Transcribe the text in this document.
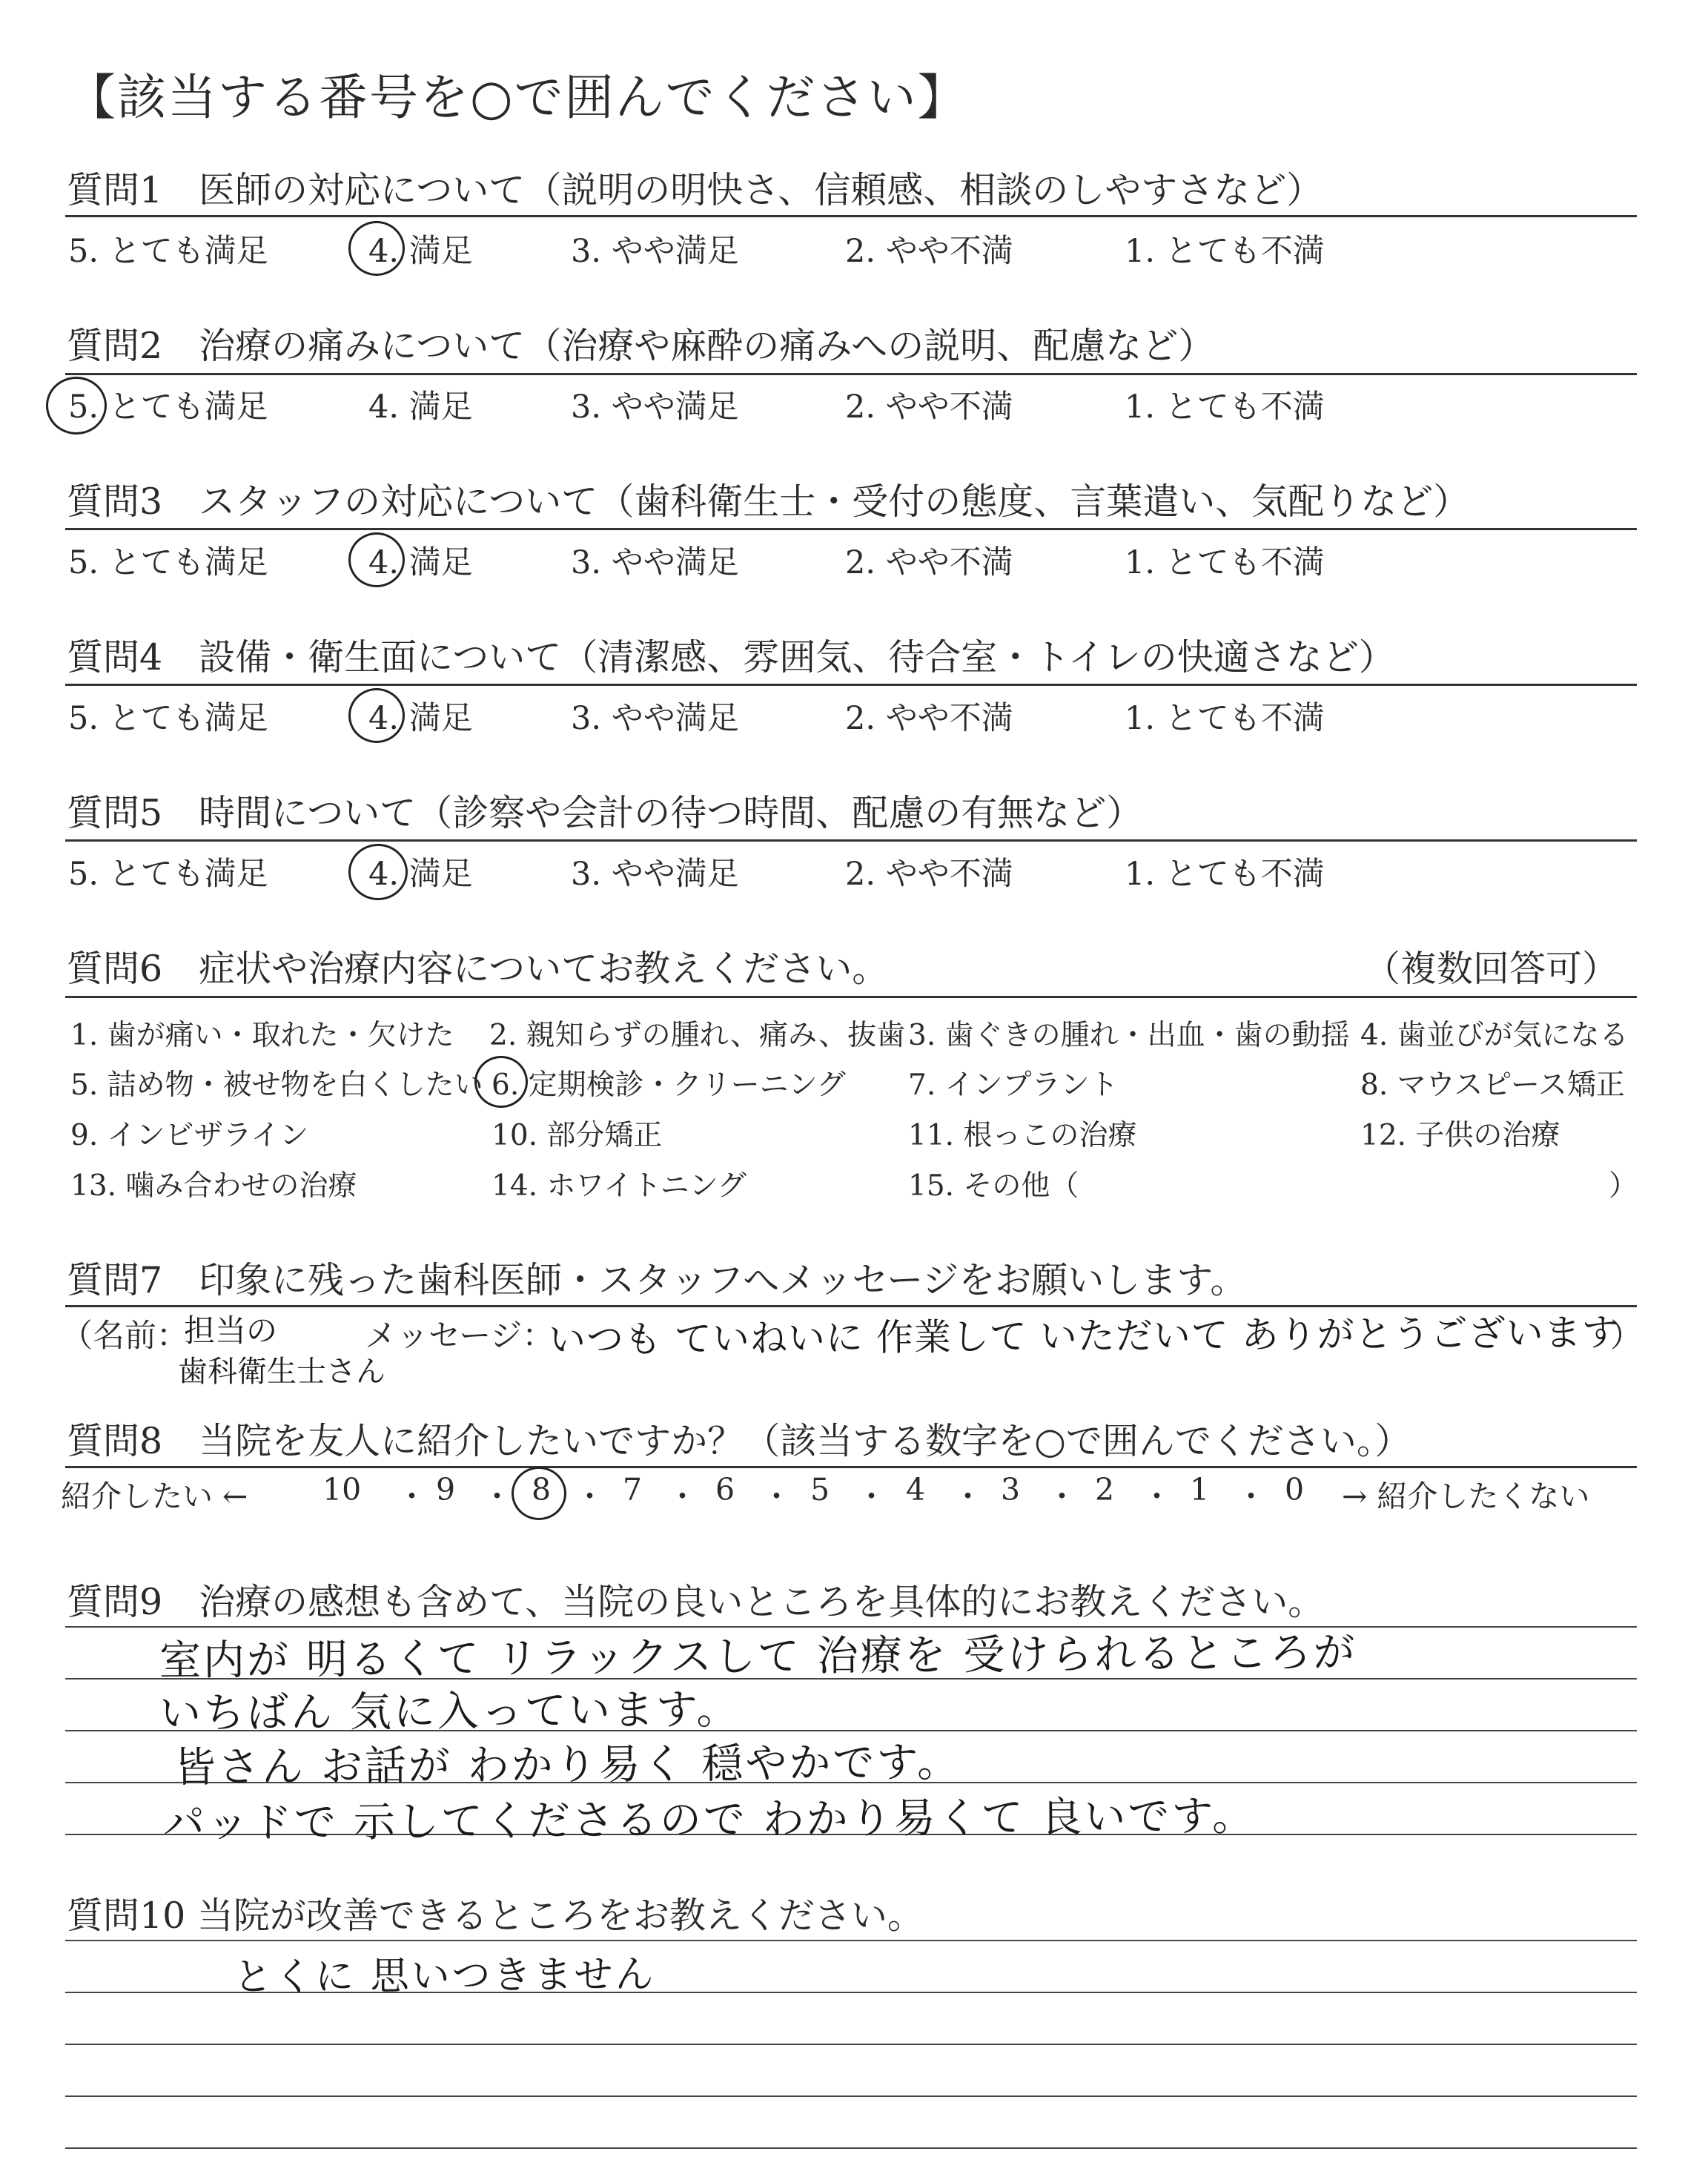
【該当する番号を○で囲んでください】
質問1　医師の対応について（説明の明快さ、信頼感、相談のしやすさなど）
5. とても満足	4. 満足	3. やや満足	2. やや不満	1. とても不満
質問2　治療の痛みについて（治療や麻酔の痛みへの説明、配慮など）
5. とても満足	4. 満足	3. やや満足	2. やや不満	1. とても不満
質問3　スタッフの対応について（歯科衛生士・受付の態度、言葉遣い、気配りなど）
5. とても満足	4. 満足	3. やや満足	2. やや不満	1. とても不満
質問4　設備・衛生面について（清潔感、雰囲気、待合室・トイレの快適さなど）
5. とても満足	4. 満足	3. やや満足	2. やや不満	1. とても不満
質問5　時間について（診察や会計の待つ時間、配慮の有無など）
5. とても満足	4. 満足	3. やや満足	2. やや不満	1. とても不満
質問6　症状や治療内容についてお教えください。	（複数回答可）
1. 歯が痛い・取れた・欠けた 2. 親知らずの腫れ、痛み、抜歯 3. 歯ぐきの腫れ・出血・歯の動揺 4. 歯並びが気になる
5. 詰め物・被せ物を白くしたい 6. 定期検診・クリーニング 7. インプラント	8. マウスピース矯正
9. インビザライン	10. 部分矯正	11. 根っこの治療	12. 子供の治療
13. 噛み合わせの治療	14. ホワイトニング	15. その他（	）
質問7　印象に残った歯科医師・スタッフへメッセージをお願いします。
（名前：
担当の
歯科衛生士さん
メッセージ：
いつも ていねいに 作業して いただいて ありがとうございます
）
質問8　当院を友人に紹介したいですか？（該当する数字を○で囲んでください。）
紹介したい ← 10 ・ 9 ・ 8 ・ 7 ・ 6 ・ 5 ・ 4 ・ 3 ・ 2 ・ 1 ・ 0 → 紹介したくない
質問9　治療の感想も含めて、当院の良いところを具体的にお教えください。
室内が 明るくて リラックスして 治療を 受けられるところが
いちばん 気に入っています。
皆さん お話が わかり易く 穏やかです。
パッドで 示してくださるので わかり易くて 良いです。
質問10 当院が改善できるところをお教えください。
とくに 思いつきません
